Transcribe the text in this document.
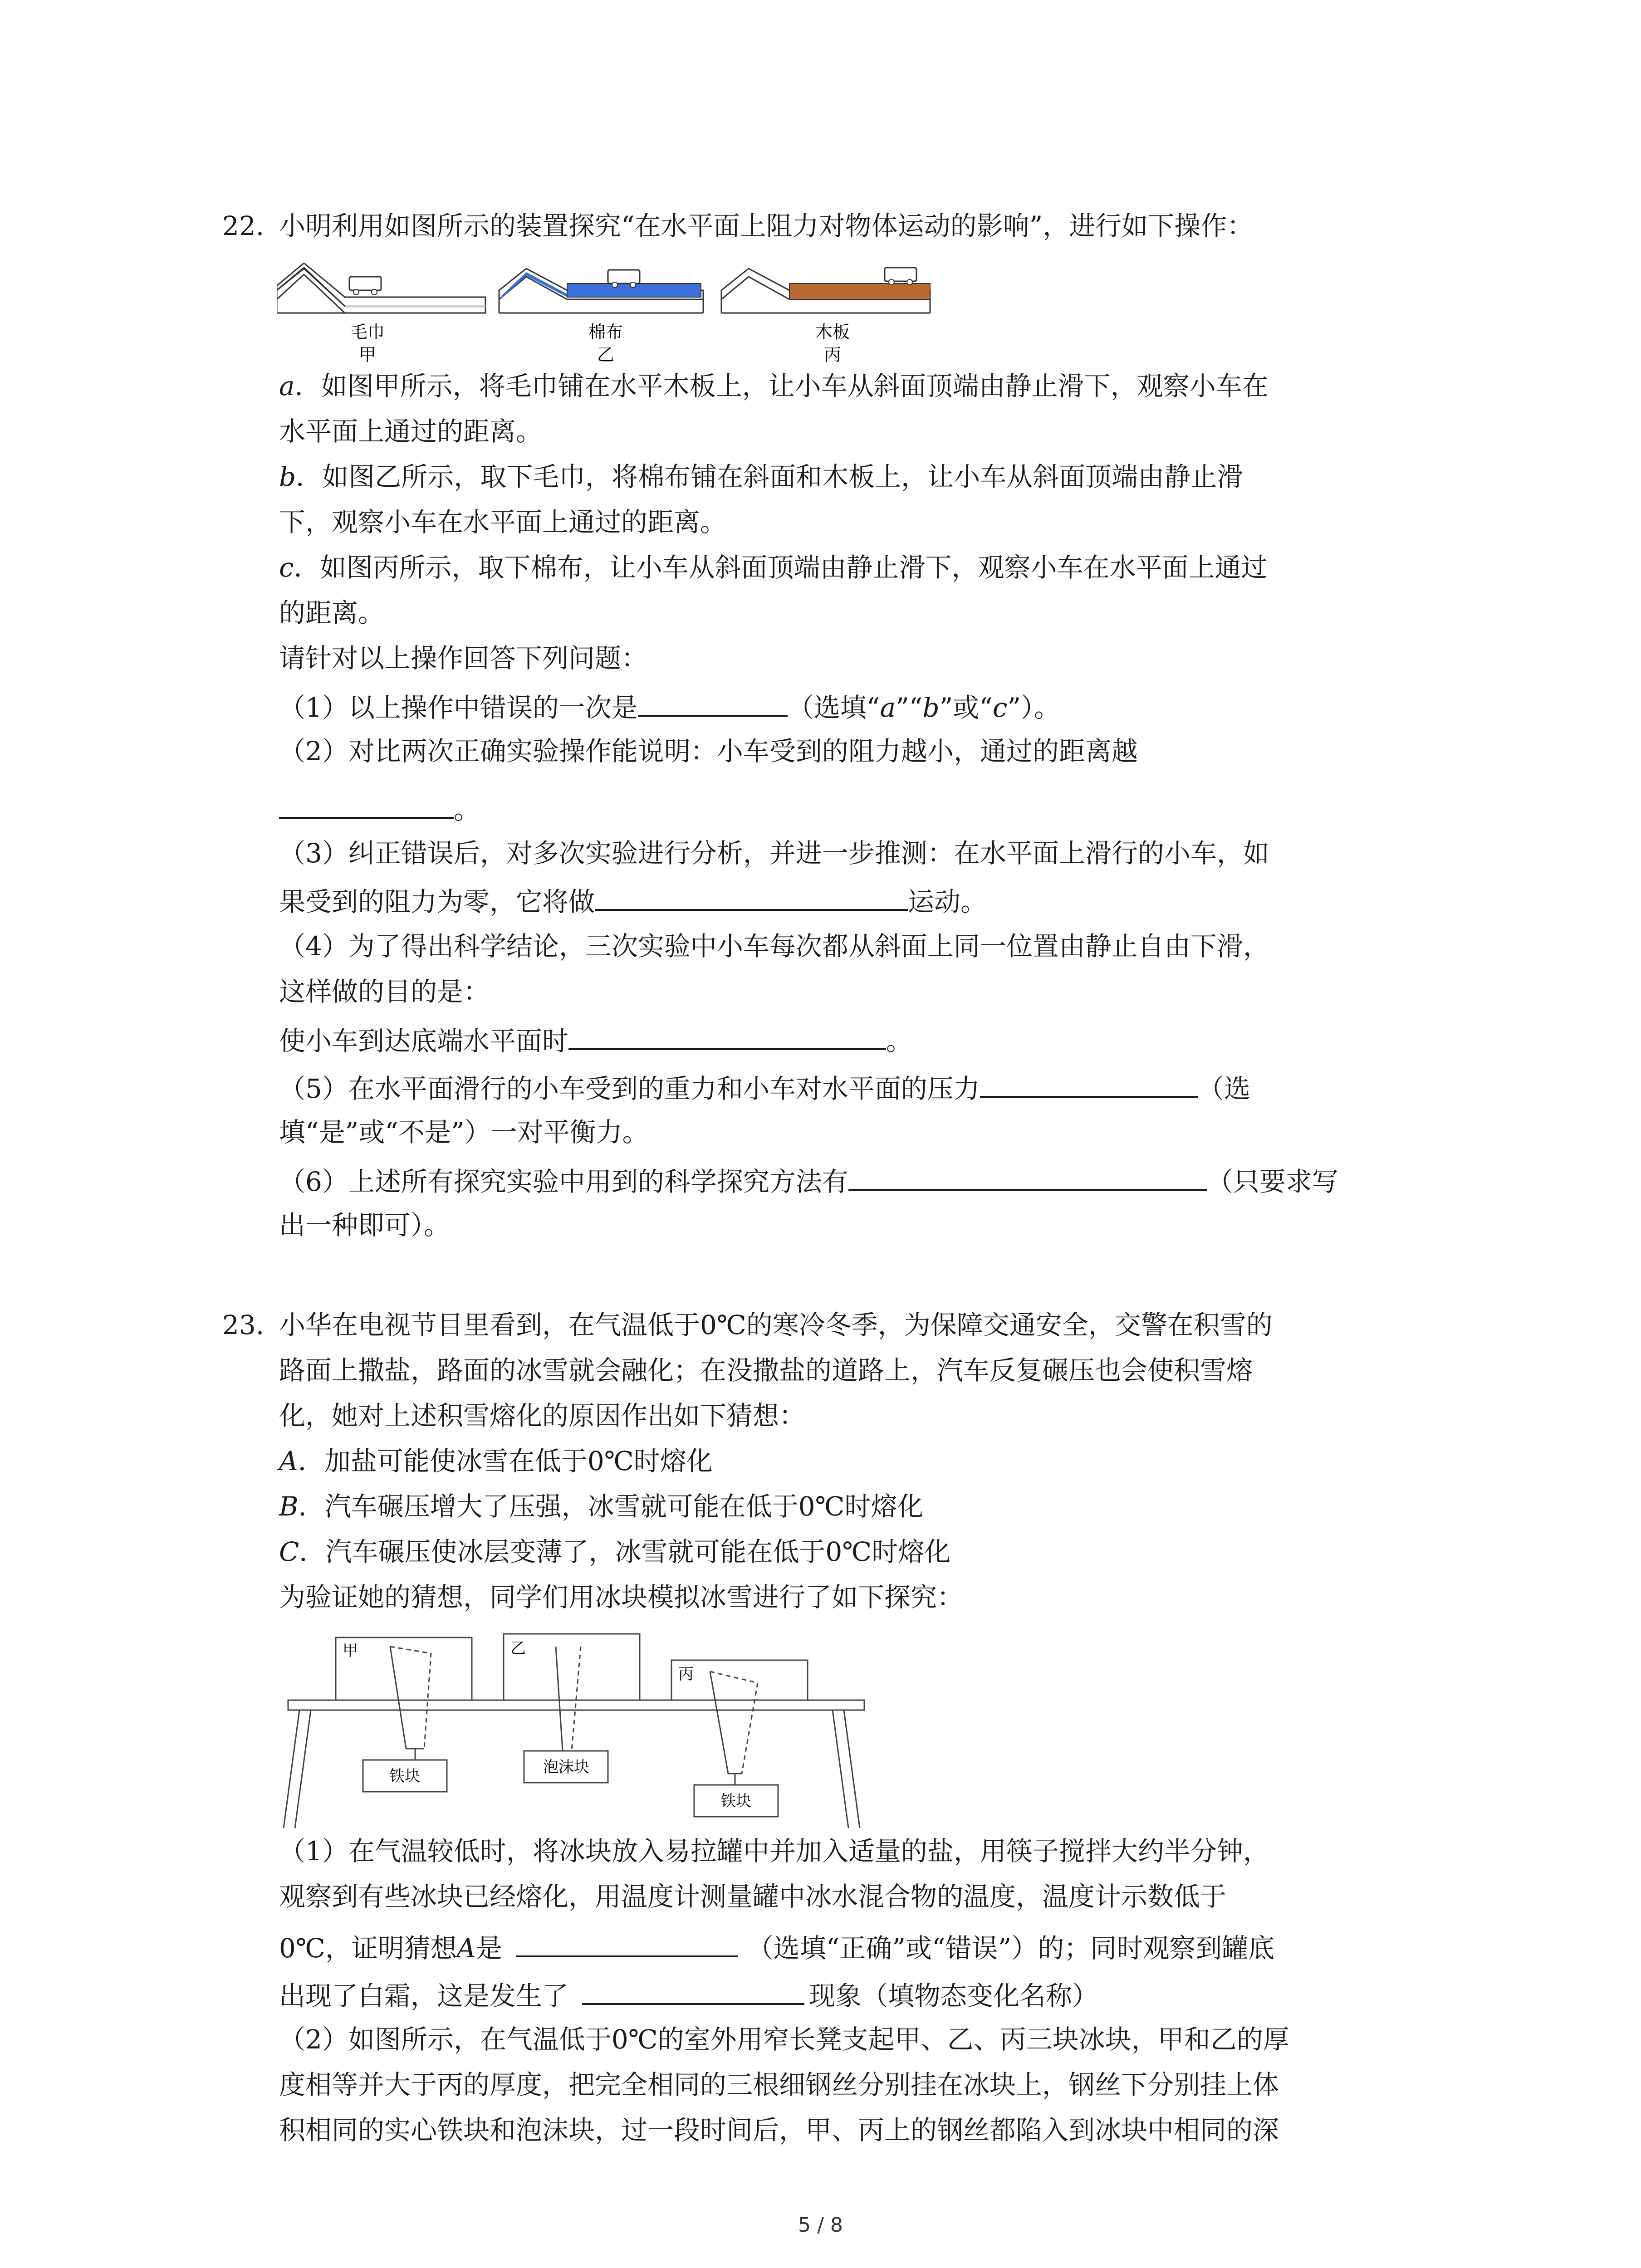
22. 小明利用如图所示的装置探究“在水平面上阻力对物体运动的影响”，进行如下操作：
毛巾
甲
棉布
乙
木板
丙
a．如图甲所示，将毛巾铺在水平木板上，让小车从斜面顶端由静止滑下，观察小车在
水平面上通过的距离。
b．如图乙所示，取下毛巾，将棉布铺在斜面和木板上，让小车从斜面顶端由静止滑
下，观察小车在水平面上通过的距离。
c．如图丙所示，取下棉布，让小车从斜面顶端由静止滑下，观察小车在水平面上通过
的距离。
请针对以上操作回答下列问题：
（1）以上操作中错误的一次是	（选填“a”“b”或“c”）。
（2）对比两次正确实验操作能说明：小车受到的阻力越小，通过的距离越
。
（3）纠正错误后，对多次实验进行分析，并进一步推测：在水平面上滑行的小车，如
果受到的阻力为零，它将做	运动。
（4）为了得出科学结论，三次实验中小车每次都从斜面上同一位置由静止自由下滑，
这样做的目的是：
使小车到达底端水平面时	。
（5）在水平面滑行的小车受到的重力和小车对水平面的压力	（选
填“是”或“不是”）一对平衡力。
（6）上述所有探究实验中用到的科学探究方法有	（只要求写
出一种即可）。
23. 小华在电视节目里看到，在气温低于0℃的寒冷冬季，为保障交通安全，交警在积雪的
路面上撒盐，路面的冰雪就会融化；在没撒盐的道路上，汽车反复碾压也会使积雪熔
化，她对上述积雪熔化的原因作出如下猜想：
A．加盐可能使冰雪在低于0℃时熔化
B．汽车碾压增大了压强，冰雪就可能在低于0℃时熔化
C．汽车碾压使冰层变薄了，冰雪就可能在低于0℃时熔化
为验证她的猜想，同学们用冰块模拟冰雪进行了如下探究：
甲
铁块
乙
泡沫块
丙
铁块
（1）在气温较低时，将冰块放入易拉罐中并加入适量的盐，用筷子搅拌大约半分钟，
观察到有些冰块已经熔化，用温度计测量罐中冰水混合物的温度，温度计示数低于
0℃，证明猜想A是	（选填“正确”或“错误”）的；同时观察到罐底
出现了白霜，这是发生了	现象（填物态变化名称）
（2）如图所示，在气温低于0℃的室外用窄长凳支起甲、乙、丙三块冰块，甲和乙的厚
度相等并大于丙的厚度，把完全相同的三根细钢丝分别挂在冰块上，钢丝下分别挂上体
积相同的实心铁块和泡沫块，过一段时间后，甲、丙上的钢丝都陷入到冰块中相同的深
5 / 8
